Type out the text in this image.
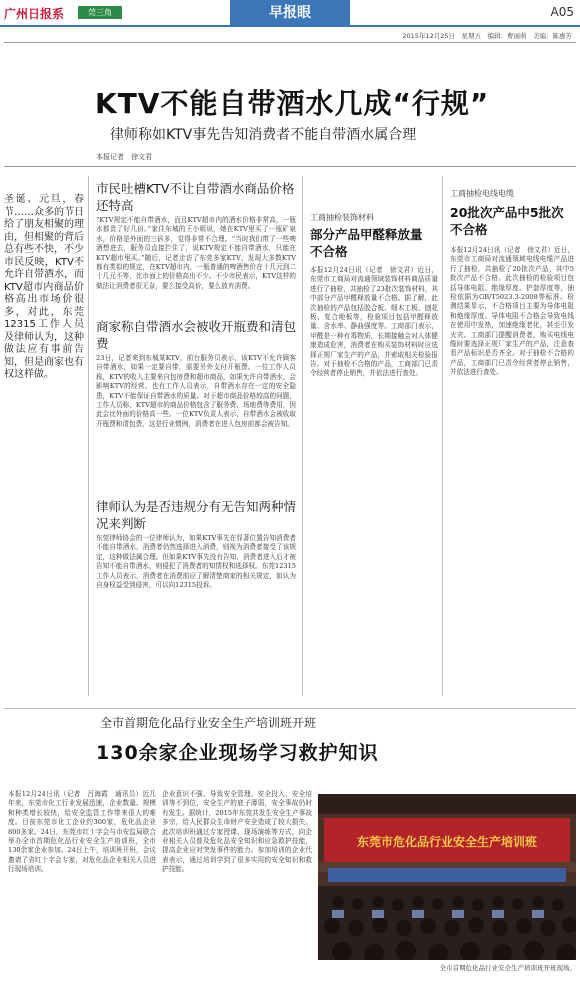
广州日报系	莞三角	早报眼	A05
2015年12月25日　星期五　编辑：曹丽萌　美编：陈惠芳
KTV不能自带酒水几成“行规”
律师称如KTV事先告知消费者不能自带酒水属合理
本报记者　徐文君
圣诞、元旦，春节……众多的节日给了朋友相聚的理由，但相聚的背后总有些不快，不少市民反映，KTV不允许自带酒水，而KTV超市内商品价格高出市场价很多，对此，东莞12315工作人员及律师认为，这种做法应有事前告知，但是商家也有权这样做。
市民吐槽KTV不让自带酒水商品价格还特高
“KTV规定不能自带酒水，而且KTV超市内的酒水价格非常高，一瓶水都贵了好几倍。”家住东城的王小姐说，她在KTV里买了一瓶矿泉水，价格是外面的三倍多，觉得非常不合理。“当时我们带了一些啤酒想进去，服务员直接拦住了，说KTV规定不能自带酒水，只能在KTV超市里买。”随后，记者走访了东莞多家KTV，发现大多数KTV都有类似的规定，在KTV超市内，一瓶普通的啤酒售价在十几元到二十几元不等，比市面上的价格高出不少。不少市民表示，KTV这样的做法让消费者很无奈，要么接受高价，要么放弃消费。
商家称自带酒水会被收开瓶费和清包费
23日，记者来到东城某KTV，前台服务员表示，该KTV不允许顾客自带酒水，如果一定要自带，需要另外支付开瓶费。一位工作人员称，KTV的收入主要来自包房费和超市商品，如果允许自带酒水，会影响KTV的经营。也有工作人员表示，自带酒水存在一定的安全隐患，KTV不能保证自带酒水的质量。对于超市商品价格较高的问题，工作人员称，KTV超市的商品价格包含了服务费、场地费等费用，因此会比外面的价格高一些。一位KTV负责人表示，自带酒水会被收取开瓶费和清包费，这是行业惯例，消费者在进入包房前都会被告知。
律师认为是否违规分有无告知两种情况来判断
东莞律师协会的一位律师认为，如果KTV事先在显著位置告知消费者不能自带酒水，消费者仍然选择进入消费，则视为消费者接受了该规定，这种做法属合理。但如果KTV事先没有告知，消费者进入后才被告知不能自带酒水，则侵犯了消费者的知情权和选择权。东莞12315工作人员表示，消费者在消费前应了解清楚商家的相关规定，如认为自身权益受到侵害，可以向12315投诉。
工商抽检装饰材料
部分产品甲醛释放量不合格
本报12月24日讯（记者　徐文君）近日，东莞市工商局对流通领域装饰材料商品质量进行了抽检，共抽检了23批次装饰材料，其中部分产品甲醛释放量不合格。据了解，此次抽检的产品包括胶合板、细木工板、刨花板、复合地板等，检验项目包括甲醛释放量、含水率、静曲强度等。工商部门表示，甲醛是一种有毒物质，长期接触会对人体健康造成危害，消费者在购买装饰材料时应选择正规厂家生产的产品，并索取相关检验报告。对于抽检不合格的产品，工商部门已责令经营者停止销售，并依法进行查处。
工商抽检电线电缆
20批次产品中5批次不合格
本报12月24日讯（记者　徐文君）近日，东莞市工商局对流通领域电线电缆产品进行了抽检，共抽检了20批次产品，其中5批次产品不合格。此次抽检的检验项目包括导体电阻、绝缘厚度、护套厚度等，抽检依据为GB/T5023.3-2008等标准。检测结果显示，不合格项目主要为导体电阻和绝缘厚度。导体电阻不合格会导致电线在使用中发热，加速绝缘老化，甚至引发火灾。工商部门提醒消费者，购买电线电缆时要选择正规厂家生产的产品，注意查看产品标识是否齐全。对于抽检不合格的产品，工商部门已责令经营者停止销售，并依法进行查处。
全市首期危化品行业安全生产培训班开班
130余家企业现场学习救护知识
本报12月24日讯（记者　吕海霞　通讯员）近几年来，东莞市化工行业发展迅速，企业数量、规模和种类增长较快，给安全监管工作带来很大的难度。目前东莞市化工企业约300家，危化品企业800多家。24日，东莞市红十字会与市安监局联合举办全市首期危化品行业安全生产培训班，全市130余家企业参加。24日上午，培训班开班，会议邀请了省红十字会专家，对危化品企业相关人员进行现场培训。
企业意识不强、导致安全管理、安全投入、安全培训等不到位，安全生产的底子薄弱，安全事故仍时有发生。据统计，2015年东莞共发生安全生产事故多宗，给人民群众生命财产安全造成了较大损失。此次培训班通过专家授课、现场演练等方式，向企业相关人员普及危化品安全知识和应急救护技能，提高企业应对突发事件的能力。参加培训的企业代表表示，通过培训学到了很多实用的安全知识和救护技能。
东莞市危化品行业安全生产培训班
全市首期危化品行业安全生产培训班开班现场。
